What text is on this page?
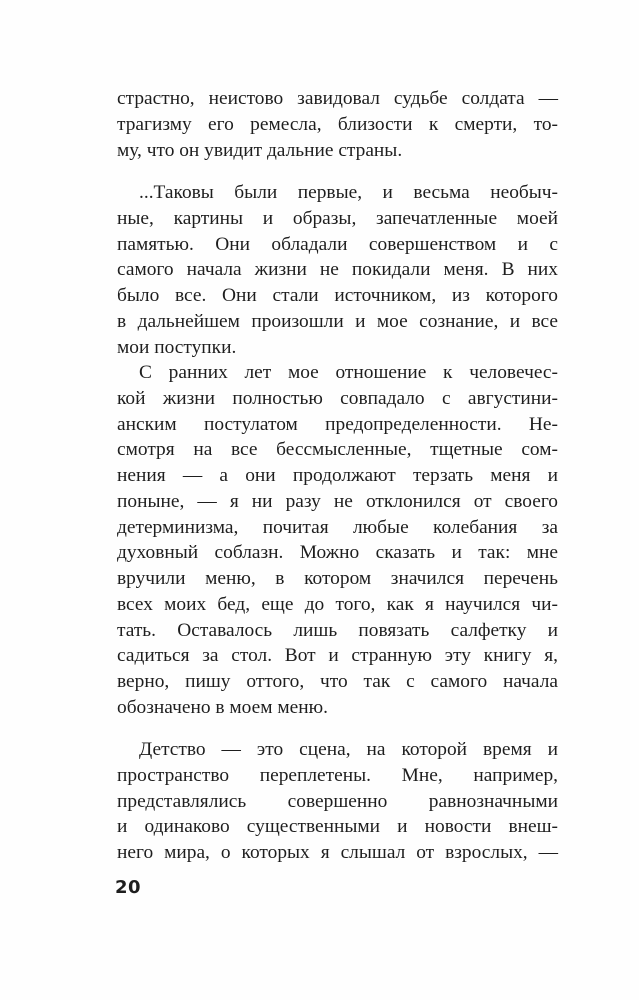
страстно, неистово завидовал судьбе солдата —
трагизму его ремесла, близости к смерти, то-
му, что он увидит дальние страны.
...Таковы были первые, и весьма необыч-
ные, картины и образы, запечатленные моей
памятью. Они обладали совершенством и с
самого начала жизни не покидали меня. В них
было все. Они стали источником, из которого
в дальнейшем произошли и мое сознание, и все
мои поступки.
С ранних лет мое отношение к человечес-
кой жизни полностью совпадало с августини-
анским постулатом предопределенности. Не-
смотря на все бессмысленные, тщетные сом-
нения — а они продолжают терзать меня и
поныне, — я ни разу не отклонился от своего
детерминизма, почитая любые колебания за
духовный соблазн. Можно сказать и так: мне
вручили меню, в котором значился перечень
всех моих бед, еще до того, как я научился чи-
тать. Оставалось лишь повязать салфетку и
садиться за стол. Вот и странную эту книгу я,
верно, пишу оттого, что так с самого начала
обозначено в моем меню.
Детство — это сцена, на которой время и
пространство переплетены. Мне, например,
представлялись совершенно равнозначными
и одинаково существенными и новости внеш-
него мира, о которых я слышал от взрослых, —
20
